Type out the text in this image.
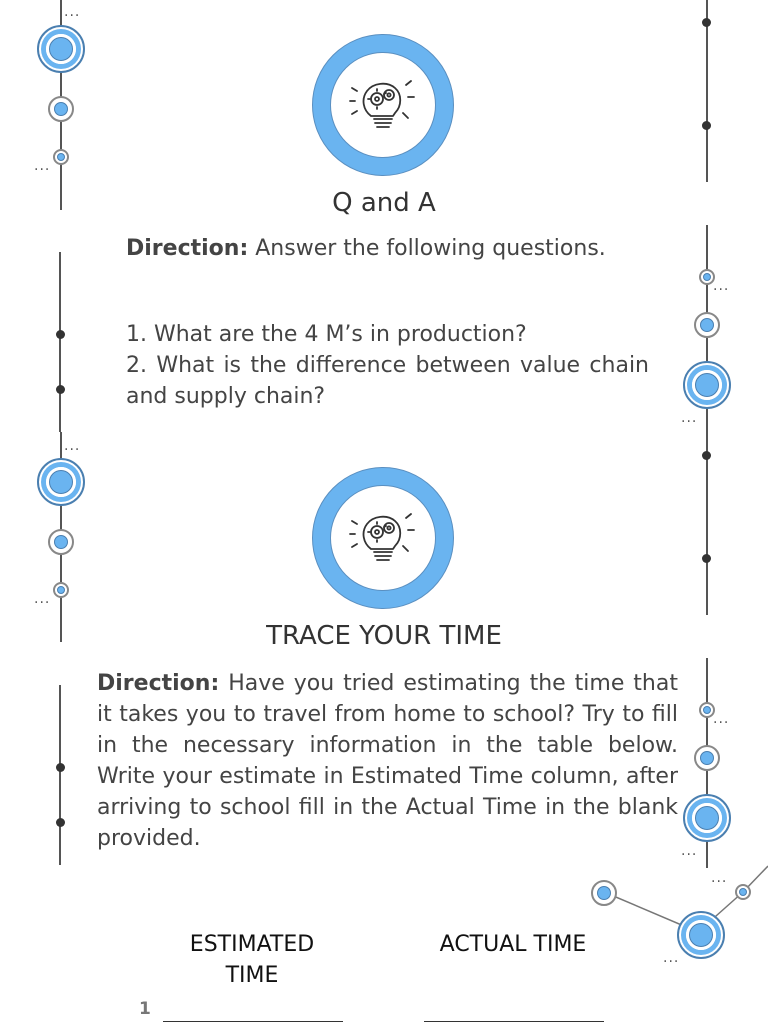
...
...
...
...
...
...
...
...
...
...
Q and A
Direction: Answer the following questions.
1. What are the 4 M’s in production?
2. What is the difference between value chain and supply chain?
TRACE YOUR TIME
Direction: Have you tried estimating the time that it takes you to travel from home to school? Try to fill in the necessary information in the table below. Write your estimate in Estimated Time column, after arriving to school fill in the Actual Time in the blank provided.
ESTIMATED TIME
ACTUAL TIME
1
